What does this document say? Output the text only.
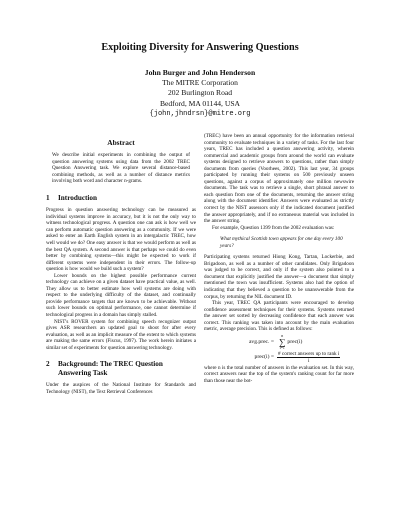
Exploiting Diversity for Answering Questions
John Burger and John Henderson
The MITRE Corporation
202 Burlington Road
Bedford, MA 01144, USA
{john,jhndrsn}@mitre.org
Abstract

We describe initial experiments in combining the output of question answering systems using data from the 2002 TREC Question Answering task. We explore several distance-based combining methods, as well as a number of distance metrics involving both word and character n-grams.

1 Introduction

Progress in question answering technology can be measured as individual systems improve in accuracy, but it is not the only way to witness technological progress. A question one can ask is how well we can perform automatic question answering as a community. If we were asked to enter an Earth English system in an intergalactic TREC, how well would we do? One easy answer is that we would perform as well as the best QA system. A second answer is that perhaps we could do even better by combining systems—this might be expected to work if different systems were independent in their errors. The follow-up question is how would we build such a system?

Lower bounds on the highest possible performance current technology can achieve on a given dataset have practical value, as well. They allow us to better estimate how well systems are doing with respect to the underlying difficulty of the dataset, and continually provide performance targets that are known to be achievable. Without such lower bounds on optimal performance, one cannot determine if technological progress in a domain has simply stalled.

NIST's ROVER system for combining speech recognizer output gives ASR researchers an updated goal to shoot for after every evaluation, as well as an implicit measure of the extent to which systems are making the same errors (Fiscus, 1997). The work herein initiates a similar set of experiments for question answering technology.

2 Background: The TREC Question
Answering Task

Under the auspices of the National Institute for Standards and Technology (NIST), the Text Retrieval Conferences

(TREC) have been an annual opportunity for the information retrieval community to evaluate techniques in a variety of tasks. For the last four years, TREC has included a question answering activity, wherein commercial and academic groups from around the world can evaluate systems designed to retrieve answers to questions, rather than simply documents from queries (Voorhees, 2002). This last year, 34 groups participated by running their systems on 500 previously unseen questions, against a corpus of approximately one million newswire documents. The task was to retrieve a single, short phrasal answer to each question from one of the documents, returning the answer string along with the document identifier. Answers were evaluated as strictly correct by the NIST assessors only if the indicated document justified the answer appropriately, and if no extraneous material was included in the answer string.

For example, Question 1399 from the 2002 evaluation was:

What mythical Scottish town appears for one day every 100 years?

Participating systems returned Hiong Kong, Tartan, Lockerbie, and Brigadoon, as well as a number of other candidates. Only Brigadoon was judged to be correct, and only if the system also pointed to a document that explicitly justified the answer—a document that simply mentioned the town was insufficient. Systems also had the option of indicating that they believed a question to be unanswerable from the corpus, by returning the NIL document ID.

This year, TREC QA participants were encouraged to develop confidence assessment techniques for their systems. Systems returned the answer set sorted by decreasing confidence that each answer was correct. This ranking was taken into account by the main evaluation metric, average precision. This is defined as follows:

avg.prec. =
n
∑
i=1
prec(i)
prec(i) = $\frac{\text{\# correct answers up to rank i}}{i}$

where n is the total number of answers in the evaluation set. In this way, correct answers near the top of the system's ranking count for far more than those near the bot-
